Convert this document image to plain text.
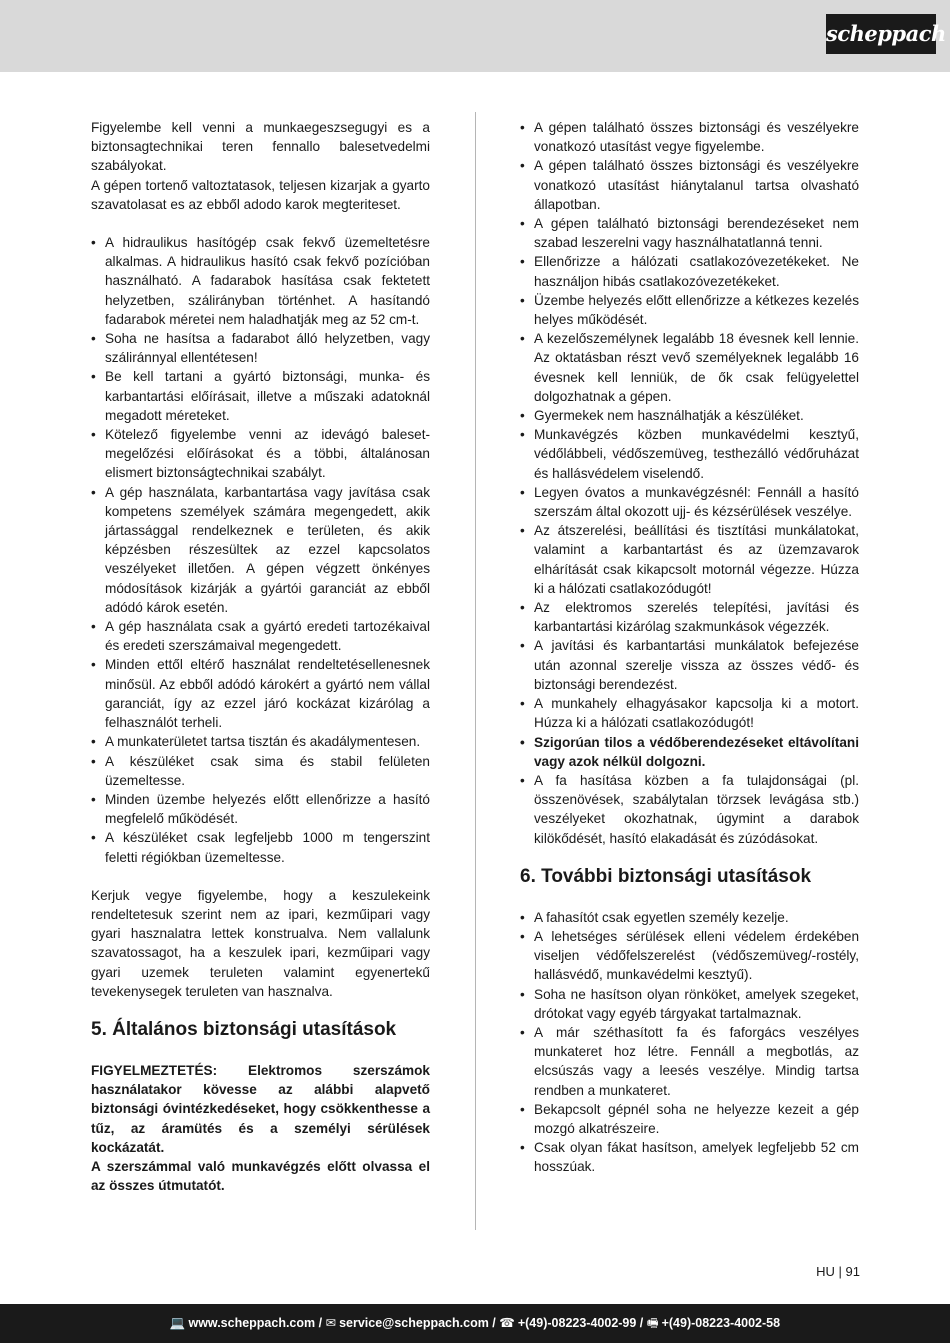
scheppach

Figyelembe kell venni a munkaegeszsegugyi es a biztonsagtechnikai teren fennallo balesetvedelmi szabályokat.

A gépen tortenő valtoztatasok, teljesen kizarjak a gyarto szavatolasat es az ebből adodo karok megteriteset.

• A hidraulikus hasítógép csak fekvő üzemeltetésre alkalmas. A hidraulikus hasító csak fekvő pozícióban használható. A fadarabok hasítása csak fektetett helyzetben, szálirányban történhet. A hasítandó fadarabok méretei nem haladhatják meg az 52 cm-t.
• Soha ne hasítsa a fadarabot álló helyzetben, vagy száliránnyal ellentétesen!
• Be kell tartani a gyártó biztonsági, munka- és karbantartási előírásait, illetve a műszaki adatoknál megadott méreteket.
• Kötelező figyelembe venni az idevágó baleset-megelőzési előírásokat és a többi, általánosan elismert biztonságtechnikai szabályt.
• A gép használata, karbantartása vagy javítása csak kompetens személyek számára megengedett, akik jártassággal rendelkeznek e területen, és akik képzésben részesültek az ezzel kapcsolatos veszélyeket illetően. A gépen végzett önkényes módosítások kizárják a gyártói garanciát az ebből adódó károk esetén.
• A gép használata csak a gyártó eredeti tartozékaival és eredeti szerszámaival megengedett.
• Minden ettől eltérő használat rendeltetésellenesnek minősül. Az ebből adódó károkért a gyártó nem vállal garanciát, így az ezzel járó kockázat kizárólag a felhasználót terheli.
• A munkaterületet tartsa tisztán és akadálymentesen.
• A készüléket csak sima és stabil felületen üzemeltesse.
• Minden üzembe helyezés előtt ellenőrizze a hasító megfelelő működését.
• A készüléket csak legfeljebb 1000 m tengerszint feletti régiókban üzemeltesse.

Kerjuk vegye figyelembe, hogy a keszulekeink rendeltetesuk szerint nem az ipari, kezműipari vagy gyari hasznalatra lettek konstrualva. Nem vallalunk szavatossagot, ha a keszulek ipari, kezműipari vagy gyari uzemek teruleten valamint egyenertekű tevekenysegek teruleten van hasznalva.

5. Általános biztonsági utasítások

FIGYELMEZTETÉS: Elektromos szerszámok használatakor kövesse az alábbi alapvető biztonsági óvintézkedéseket, hogy csökkenthesse a tűz, az áramütés és a személyi sérülések kockázatát.

A szerszámmal való munkavégzés előtt olvassa el az összes útmutatót.

• A gépen található összes biztonsági és veszélyekre vonatkozó utasítást vegye figyelembe.
• A gépen található összes biztonsági és veszélyekre vonatkozó utasítást hiánytalanul tartsa olvasható állapotban.
• A gépen található biztonsági berendezéseket nem szabad leszerelni vagy használhatatlanná tenni.
• Ellenőrizze a hálózati csatlakozóvezetékeket. Ne használjon hibás csatlakozóvezetékeket.
• Üzembe helyezés előtt ellenőrizze a kétkezes kezelés helyes működését.
• A kezelőszemélynek legalább 18 évesnek kell lennie. Az oktatásban részt vevő személyeknek legalább 16 évesnek kell lenniük, de ők csak felügyelettel dolgozhatnak a gépen.
• Gyermekek nem használhatják a készüléket.
• Munkavégzés közben munkavédelmi kesztyű, védőlábbeli, védőszemüveg, testhezálló védőruházat és hallásvédelem viselendő.
• Legyen óvatos a munkavégzésnél: Fennáll a hasító szerszám által okozott ujj- és kézsérülések veszélye.
• Az átszerelési, beállítási és tisztítási munkálatokat, valamint a karbantartást és az üzemzavarok elhárítását csak kikapcsolt motornál végezze. Húzza ki a hálózati csatlakozódugót!
• Az elektromos szerelés telepítési, javítási és karbantartási kizárólag szakmunkások végezzék.
• A javítási és karbantartási munkálatok befejezése után azonnal szerelje vissza az összes védő- és biztonsági berendezést.
• A munkahely elhagyásakor kapcsolja ki a motort. Húzza ki a hálózati csatlakozódugót!
• Szigorúan tilos a védőberendezéseket eltávolítani vagy azok nélkül dolgozni.
• A fa hasítása közben a fa tulajdonságai (pl. összenövések, szabálytalan törzsek levágása stb.) veszélyeket okozhatnak, úgymint a darabok kilökődését, hasító elakadását és zúzódásokat.
6. További biztonsági utasítások
• A fahasítót csak egyetlen személy kezelje.
• A lehetséges sérülések elleni védelem érdekében viseljen védőfelszerelést (védőszemüveg/-rostély, hallásvédő, munkavédelmi kesztyű).
• Soha ne hasítson olyan rönköket, amelyek szegeket, drótokat vagy egyéb tárgyakat tartalmaznak.
• A már széthasított fa és faforgács veszélyes munkateret hoz létre. Fennáll a megbotlás, az elcsúszás vagy a leesés veszélye. Mindig tartsa rendben a munkateret.
• Bekapcsolt gépnél soha ne helyezze kezeit a gép mozgó alkatrészeire.
• Csak olyan fákat hasítson, amelyek legfeljebb 52 cm hosszúak.
HU | 91
💻 www.scheppach.com / ✉ service@scheppach.com / ☎ +(49)-08223-4002-99 / 🖷 +(49)-08223-4002-58
